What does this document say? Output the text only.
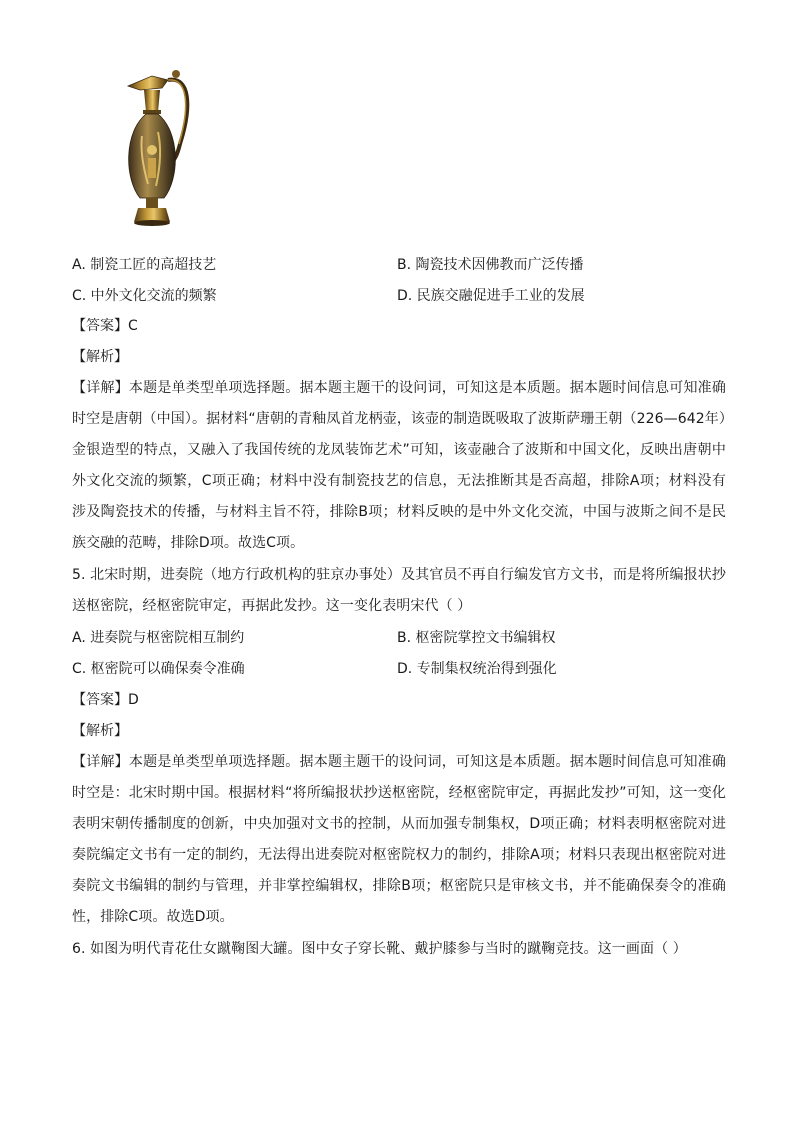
A. 制瓷工匠的高超技艺	B. 陶瓷技术因佛教而广泛传播
C. 中外文化交流的频繁	D. 民族交融促进手工业的发展
【答案】C
【解析】
【详解】本题是单类型单项选择题。据本题主题干的设问词，可知这是本质题。据本题时间信息可知准确时空是唐朝（中国）。据材料“唐朝的青釉凤首龙柄壶，该壶的制造既吸取了波斯萨珊王朝（226—642年）金银造型的特点，又融入了我国传统的龙凤装饰艺术”可知，该壶融合了波斯和中国文化，反映出唐朝中外文化交流的频繁，C项正确；材料中没有制瓷技艺的信息，无法推断其是否高超，排除A项；材料没有涉及陶瓷技术的传播，与材料主旨不符，排除B项；材料反映的是中外文化交流，中国与波斯之间不是民族交融的范畴，排除D项。故选C项。
5. 北宋时期，进奏院（地方行政机构的驻京办事处）及其官员不再自行编发官方文书，而是将所编报状抄送枢密院，经枢密院审定，再据此发抄。这一变化表明宋代（ ）
A. 进奏院与枢密院相互制约	B. 枢密院掌控文书编辑权
C. 枢密院可以确保奏令准确	D. 专制集权统治得到强化
【答案】D
【解析】
【详解】本题是单类型单项选择题。据本题主题干的设问词，可知这是本质题。据本题时间信息可知准确时空是：北宋时期中国。根据材料“将所编报状抄送枢密院，经枢密院审定，再据此发抄”可知，这一变化表明宋朝传播制度的创新，中央加强对文书的控制，从而加强专制集权，D项正确；材料表明枢密院对进奏院编定文书有一定的制约，无法得出进奏院对枢密院权力的制约，排除A项；材料只表现出枢密院对进奏院文书编辑的制约与管理，并非掌控编辑权，排除B项；枢密院只是审核文书，并不能确保奏令的准确性，排除C项。故选D项。
6. 如图为明代青花仕女蹴鞠图大罐。图中女子穿长靴、戴护膝参与当时的蹴鞠竞技。这一画面（ ）
